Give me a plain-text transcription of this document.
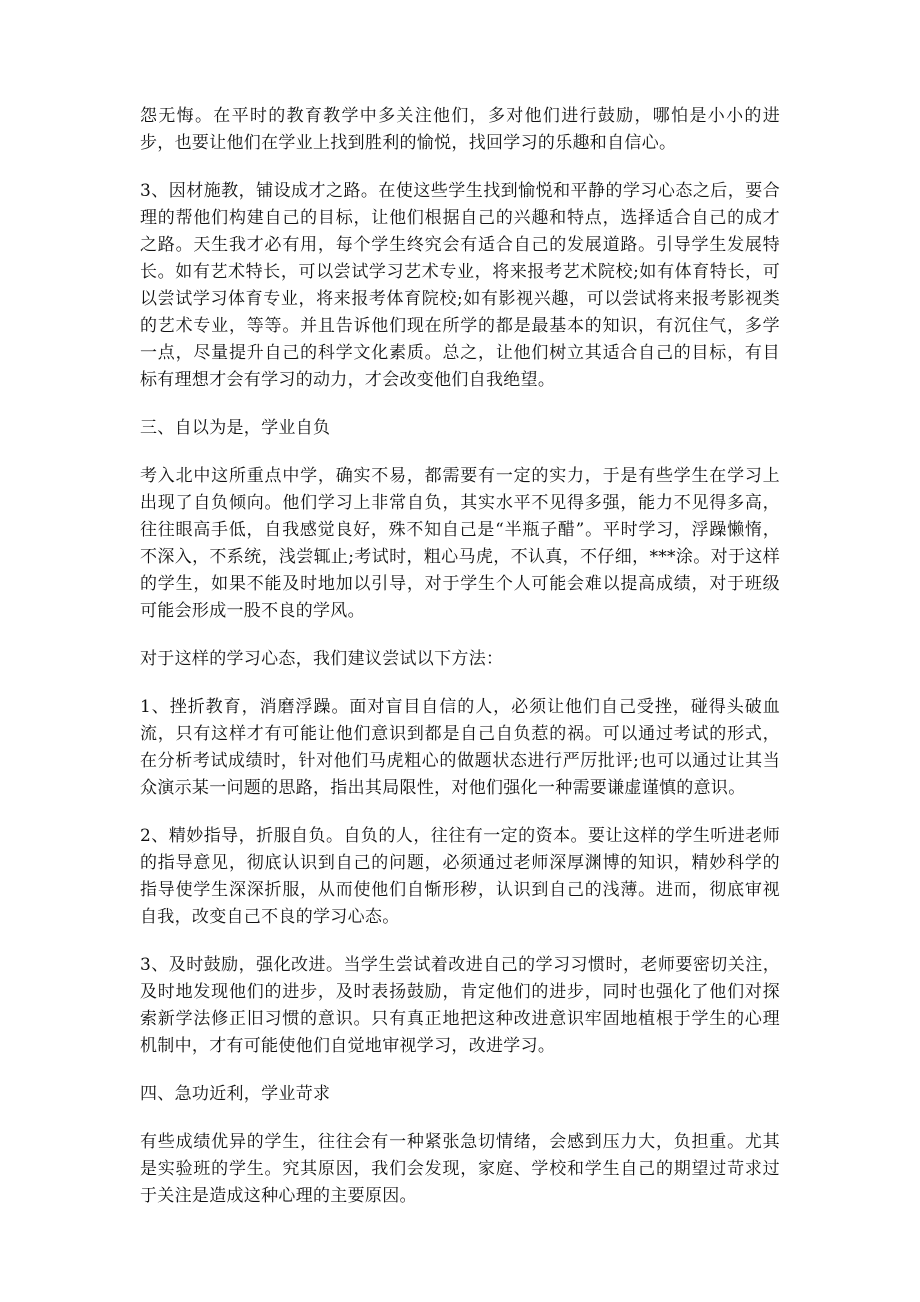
怨无悔。在平时的教育教学中多关注他们，多对他们进行鼓励，哪怕是小小的进步，也要让他们在学业上找到胜利的愉悦，找回学习的乐趣和自信心。

3、因材施教，铺设成才之路。在使这些学生找到愉悦和平静的学习心态之后，要合理的帮他们构建自己的目标，让他们根据自己的兴趣和特点，选择适合自己的成才之路。天生我才必有用，每个学生终究会有适合自己的发展道路。引导学生发展特长。如有艺术特长，可以尝试学习艺术专业，将来报考艺术院校;如有体育特长，可以尝试学习体育专业，将来报考体育院校;如有影视兴趣，可以尝试将来报考影视类的艺术专业，等等。并且告诉他们现在所学的都是最基本的知识，有沉住气，多学一点，尽量提升自己的科学文化素质。总之，让他们树立其适合自己的目标，有目标有理想才会有学习的动力，才会改变他们自我绝望。

三、自以为是，学业自负

考入北中这所重点中学，确实不易，都需要有一定的实力，于是有些学生在学习上出现了自负倾向。他们学习上非常自负，其实水平不见得多强，能力不见得多高，往往眼高手低，自我感觉良好，殊不知自己是“半瓶子醋”。平时学习，浮躁懒惰，不深入，不系统，浅尝辄止;考试时，粗心马虎，不认真，不仔细，***涂。对于这样的学生，如果不能及时地加以引导，对于学生个人可能会难以提高成绩，对于班级可能会形成一股不良的学风。

对于这样的学习心态，我们建议尝试以下方法：

1、挫折教育，消磨浮躁。面对盲目自信的人，必须让他们自己受挫，碰得头破血流，只有这样才有可能让他们意识到都是自己自负惹的祸。可以通过考试的形式，在分析考试成绩时，针对他们马虎粗心的做题状态进行严厉批评;也可以通过让其当众演示某一问题的思路，指出其局限性，对他们强化一种需要谦虚谨慎的意识。

2、精妙指导，折服自负。自负的人，往往有一定的资本。要让这样的学生听进老师的指导意见，彻底认识到自己的问题，必须通过老师深厚渊博的知识，精妙科学的指导使学生深深折服，从而使他们自惭形秽，认识到自己的浅薄。进而，彻底审视自我，改变自己不良的学习心态。

3、及时鼓励，强化改进。当学生尝试着改进自己的学习习惯时，老师要密切关注，及时地发现他们的进步，及时表扬鼓励，肯定他们的进步，同时也强化了他们对探索新学法修正旧习惯的意识。只有真正地把这种改进意识牢固地植根于学生的心理机制中，才有可能使他们自觉地审视学习，改进学习。

四、急功近利，学业苛求

有些成绩优异的学生，往往会有一种紧张急切情绪，会感到压力大，负担重。尤其是实验班的学生。究其原因，我们会发现，家庭、学校和学生自己的期望过苛求过于关注是造成这种心理的主要原因。
